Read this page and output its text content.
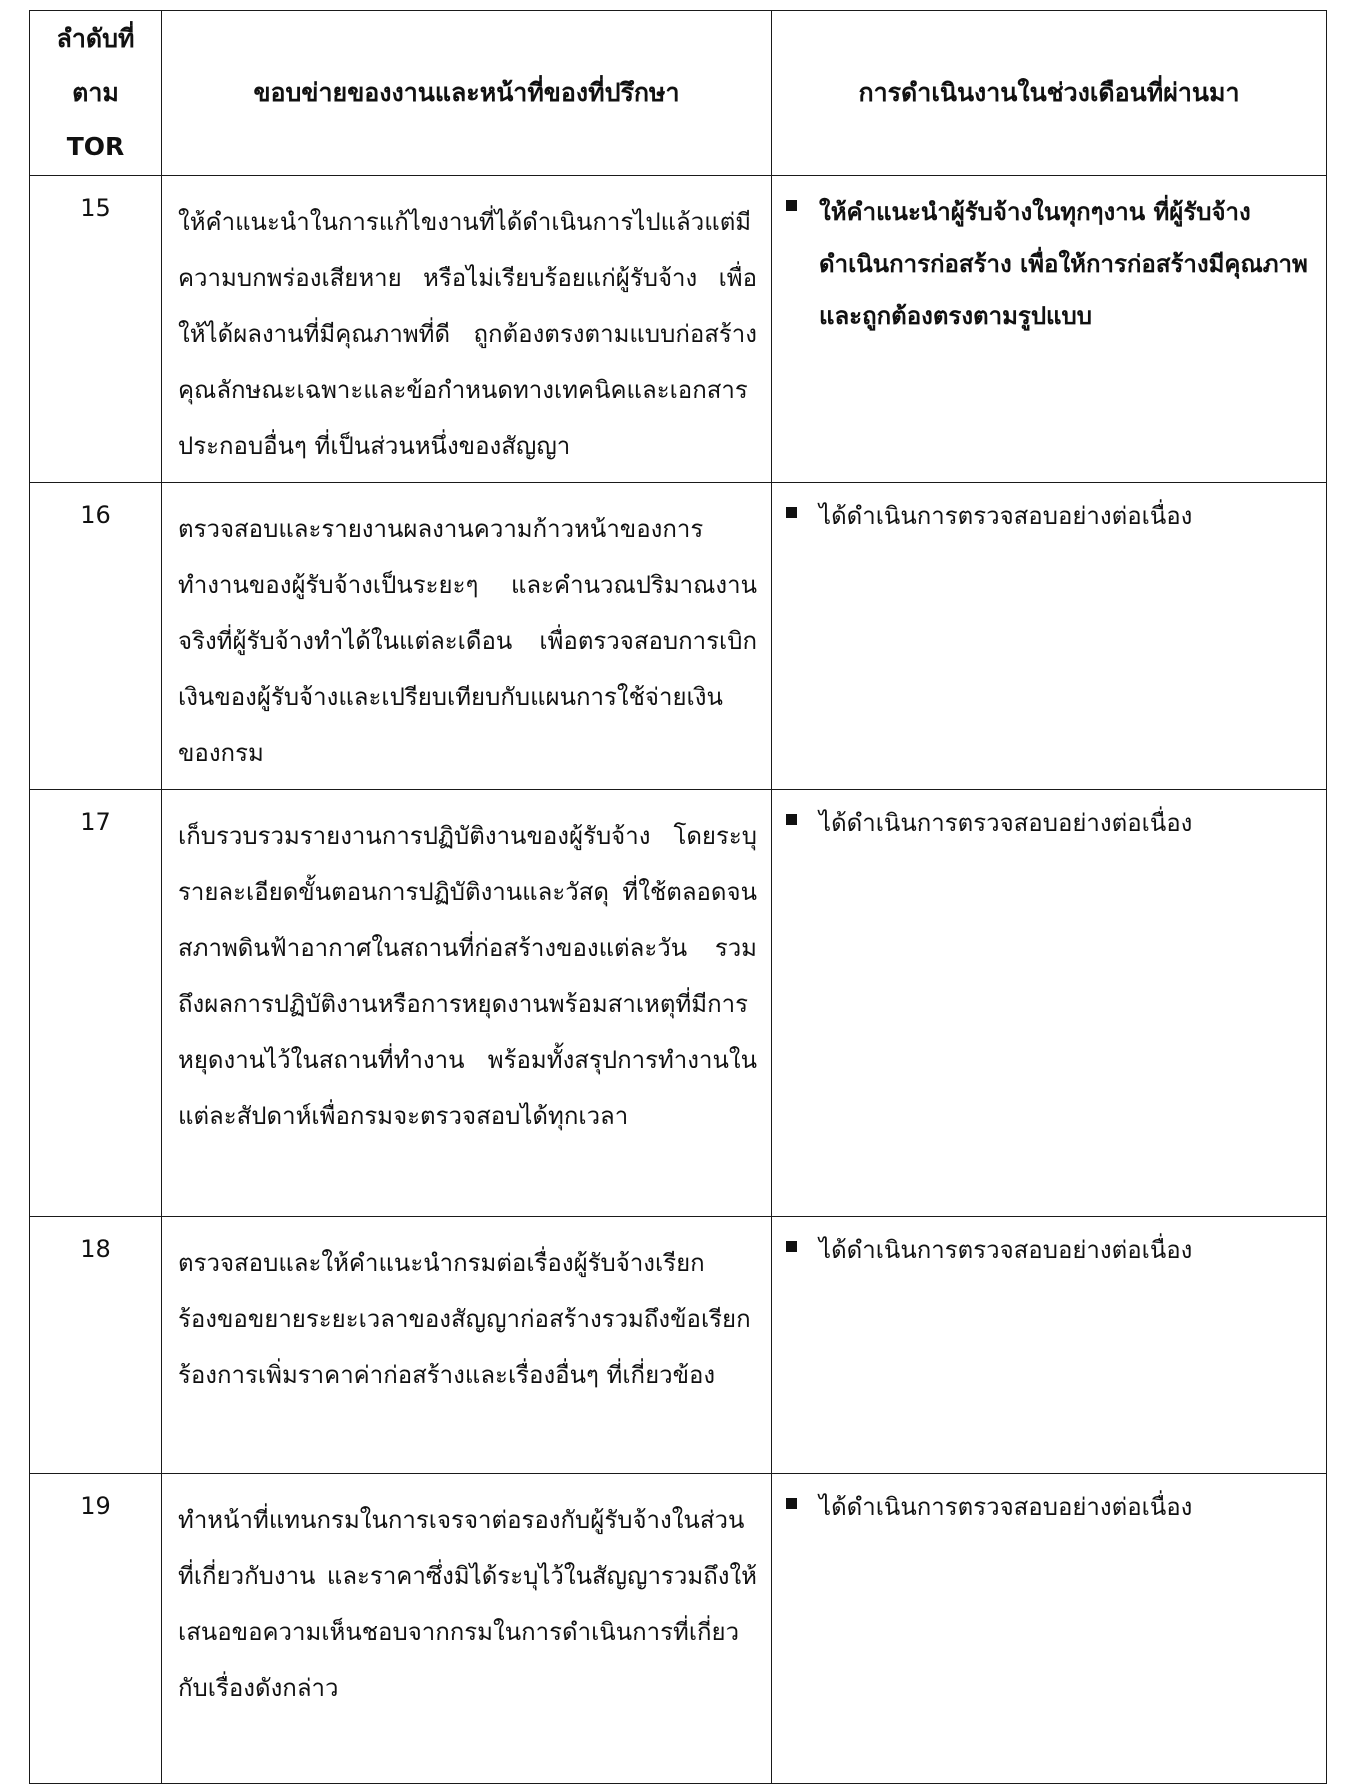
ลำดับที่
ตาม
TOR	ขอบข่ายของงานและหน้าที่ของที่ปรึกษา	การดำเนินงานในช่วงเดือนที่ผ่านมา
15	ให้คำแนะนำในการแก้ไขงานที่ได้ดำเนินการไปแล้วแต่มีความบกพร่องเสียหาย หรือไม่เรียบร้อยแก่ผู้รับจ้าง เพื่อให้ได้ผลงานที่มีคุณภาพที่ดี ถูกต้องตรงตามแบบก่อสร้างคุณลักษณะเฉพาะและข้อกำหนดทางเทคนิคและเอกสารประกอบอื่นๆ ที่เป็นส่วนหนึ่งของสัญญา	ให้คำแนะนำผู้รับจ้างในทุกๆงาน ที่ผู้รับจ้างดำเนินการก่อสร้าง เพื่อให้การก่อสร้างมีคุณภาพและถูกต้องตรงตามรูปแบบ

16	ตรวจสอบและรายงานผลงานความก้าวหน้าของการทำงานของผู้รับจ้างเป็นระยะๆ และคำนวณปริมาณงานจริงที่ผู้รับจ้างทำได้ในแต่ละเดือน เพื่อตรวจสอบการเบิกเงินของผู้รับจ้างและเปรียบเทียบกับแผนการใช้จ่ายเงินของกรม	ได้ดำเนินการตรวจสอบอย่างต่อเนื่อง

17	เก็บรวบรวมรายงานการปฏิบัติงานของผู้รับจ้าง โดยระบุรายละเอียดขั้นตอนการปฏิบัติงานและวัสดุ ที่ใช้ตลอดจนสภาพดินฟ้าอากาศในสถานที่ก่อสร้างของแต่ละวัน รวมถึงผลการปฏิบัติงานหรือการหยุดงานพร้อมสาเหตุที่มีการหยุดงานไว้ในสถานที่ทำงาน พร้อมทั้งสรุปการทำงานในแต่ละสัปดาห์เพื่อกรมจะตรวจสอบได้ทุกเวลา	ได้ดำเนินการตรวจสอบอย่างต่อเนื่อง

18	ตรวจสอบและให้คำแนะนำกรมต่อเรื่องผู้รับจ้างเรียกร้องขอขยายระยะเวลาของสัญญาก่อสร้างรวมถึงข้อเรียกร้องการเพิ่มราคาค่าก่อสร้างและเรื่องอื่นๆ ที่เกี่ยวข้อง	ได้ดำเนินการตรวจสอบอย่างต่อเนื่อง

19	ทำหน้าที่แทนกรมในการเจรจาต่อรองกับผู้รับจ้างในส่วนที่เกี่ยวกับงาน และราคาซึ่งมิได้ระบุไว้ในสัญญารวมถึงให้เสนอขอความเห็นชอบจากกรมในการดำเนินการที่เกี่ยวกับเรื่องดังกล่าว	ได้ดำเนินการตรวจสอบอย่างต่อเนื่อง
